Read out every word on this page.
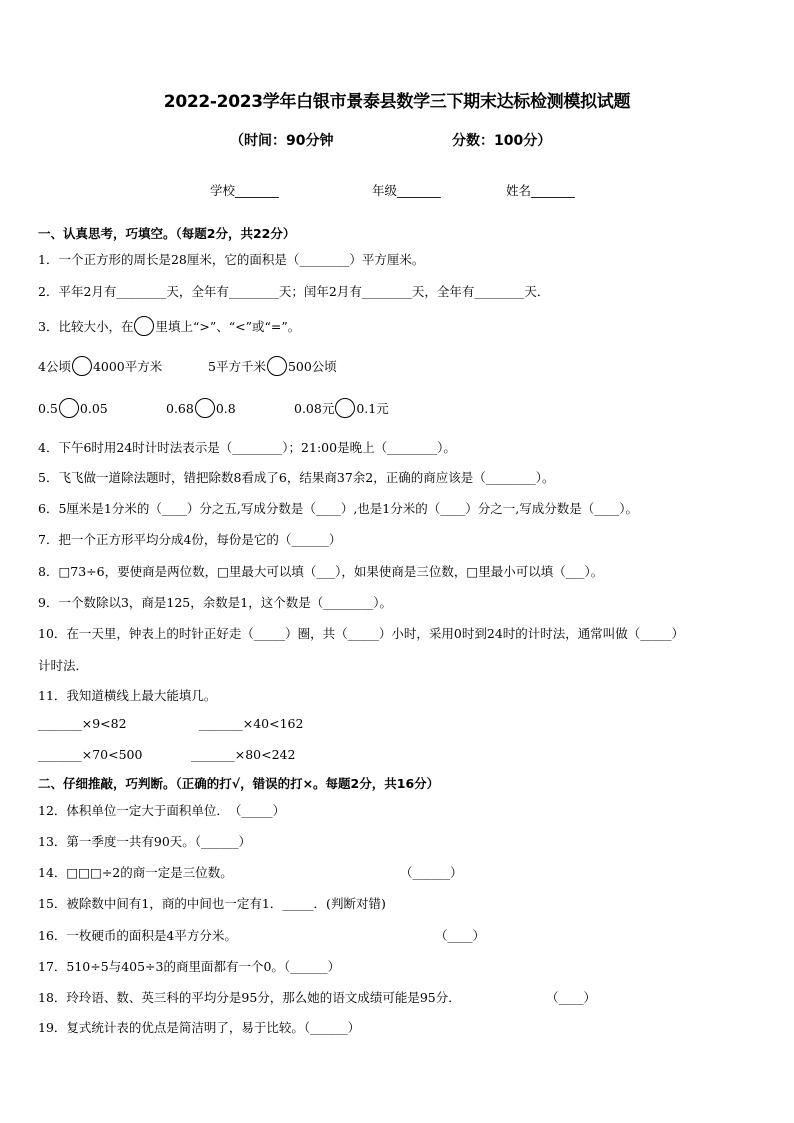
2022-2023学年白银市景泰县数学三下期末达标检测模拟试题
（时间：90分钟	分数：100分）
学校_______	年级_______	姓名_______
一、认真思考，巧填空。（每题2分，共22分）
1．一个正方形的周长是28厘米，它的面积是（________）平方厘米。
2．平年2月有________天，全年有________天；闰年2月有________天，全年有________天．
3．比较大小，在 里填上“>”、“<”或“=”。
4公顷 4000平方米	5平方千米 500公顷
0.5 0.05	0.68 0.8	0.08元 0.1元
4．下午6时用24时计时法表示是（________）；21:00是晚上（________）。
5．飞飞做一道除法题时，错把除数8看成了6，结果商37余2，正确的商应该是（________）。
6．5厘米是1分米的（____）分之五,写成分数是（____）,也是1分米的（____）分之一,写成分数是（____）。
7．把一个正方形平均分成4份，每份是它的（______）
8．□73÷6，要使商是两位数，□里最大可以填（___），如果使商是三位数，□里最小可以填（___）。
9．一个数除以3，商是125，余数是1，这个数是（________）。
10．在一天里，钟表上的时针正好走（_____）圈，共（_____）小时，采用0时到24时的计时法，通常叫做（_____）
计时法．
11．我知道横线上最大能填几。
_______×9<82	_______×40<162
_______×70<500	_______×80<242
二、仔细推敲，巧判断。（正确的打√，错误的打×。每题2分，共16分）
12．体积单位一定大于面积单位．　（_____）
13．第一季度一共有90天。（______）
14．□□□÷2的商一定是三位数。	（______）
15．被除数中间有1，商的中间也一定有1．_____．(判断对错)
16．一枚硬币的面积是4平方分米。	（____）
17．510÷5与405÷3的商里面都有一个0。（______）
18．玲玲语、数、英三科的平均分是95分，那么她的语文成绩可能是95分．	（____）
19．复式统计表的优点是简洁明了，易于比较。（______）
